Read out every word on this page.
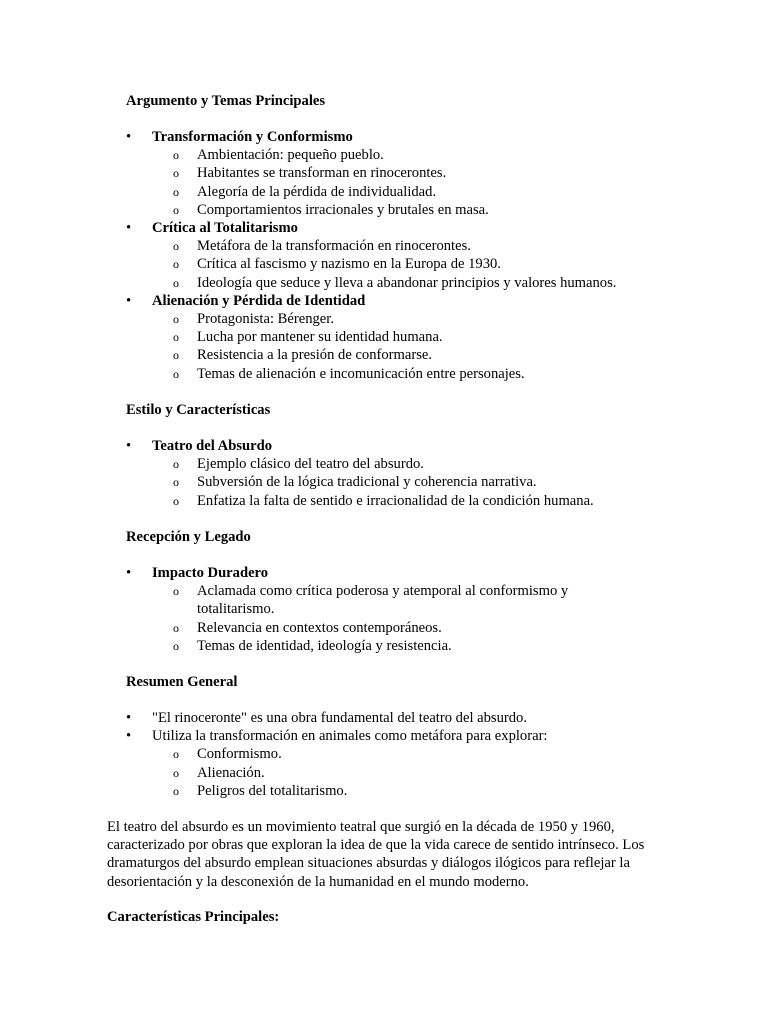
Argumento y Temas Principales
• Transformación y Conformismo
o Ambientación: pequeño pueblo.
o Habitantes se transforman en rinocerontes.
o Alegoría de la pérdida de individualidad.
o Comportamientos irracionales y brutales en masa.
• Crítica al Totalitarismo
o Metáfora de la transformación en rinocerontes.
o Crítica al fascismo y nazismo en la Europa de 1930.
o Ideología que seduce y lleva a abandonar principios y valores humanos.
• Alienación y Pérdida de Identidad
o Protagonista: Bérenger.
o Lucha por mantener su identidad humana.
o Resistencia a la presión de conformarse.
o Temas de alienación e incomunicación entre personajes.
Estilo y Características
• Teatro del Absurdo
o Ejemplo clásico del teatro del absurdo.
o Subversión de la lógica tradicional y coherencia narrativa.
o Enfatiza la falta de sentido e irracionalidad de la condición humana.
Recepción y Legado
• Impacto Duradero
o Aclamada como crítica poderosa y atemporal al conformismo y totalitarismo.
o Relevancia en contextos contemporáneos.
o Temas de identidad, ideología y resistencia.
Resumen General
• "El rinoceronte" es una obra fundamental del teatro del absurdo.
• Utiliza la transformación en animales como metáfora para explorar:
o Conformismo.
o Alienación.
o Peligros del totalitarismo.
El teatro del absurdo es un movimiento teatral que surgió en la década de 1950 y 1960, caracterizado por obras que exploran la idea de que la vida carece de sentido intrínseco. Los dramaturgos del absurdo emplean situaciones absurdas y diálogos ilógicos para reflejar la desorientación y la desconexión de la humanidad en el mundo moderno.
Características Principales:
